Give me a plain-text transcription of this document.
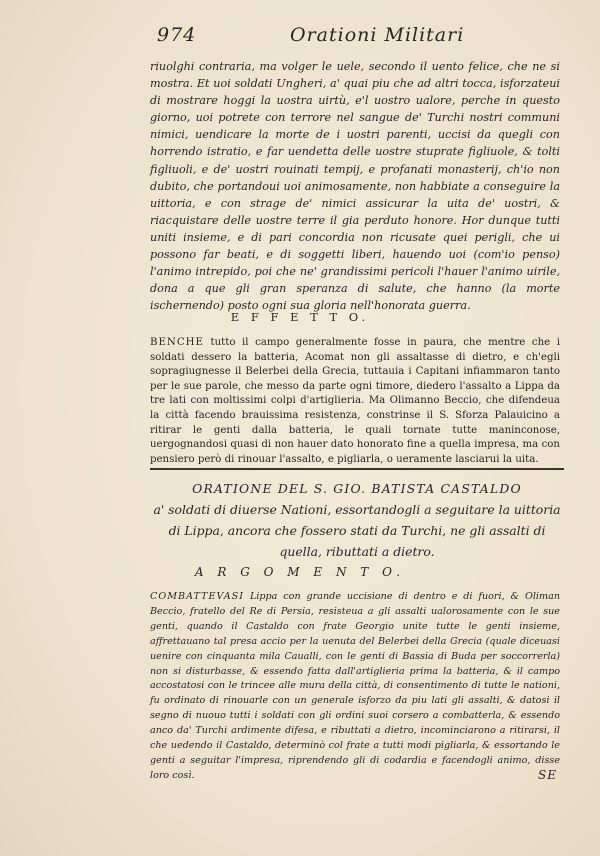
974	Orationi Militari

riuolghi contraria, ma volger le uele, secondo il uento felice, che ne si mostra. Et uoi soldati Ungheri, a' quai piu che ad altri tocca, isforzateui di mostrare hoggi la uostra uirtù, e'l uostro ualore, perche in questo giorno, uoi potrete con terrore nel sangue de' Turchi nostri communi nimici, uendicare la morte de i uostri parenti, uccisi da quegli con horrendo istratio, e far uendetta delle uostre stuprate figliuole, & tolti figliuoli, e de' uostri rouinati tempij, e profanati monasterij, ch'io non dubito, che portandoui uoi animosamente, non habbiate a conseguire la uittoria, e con strage de' nimici assicurar la uita de' uostri, & riacquistare delle uostre terre il gia perduto honore. Hor dunque tutti uniti insieme, e di pari concordia non ricusate quei perigli, che ui possono far beati, e di soggetti liberi, hauendo uoi (com'io penso) l'animo intrepido, poi che ne' grandissimi pericoli l'hauer l'animo uirile, dona a que gli gran speranza di salute, che hanno (la morte ischernendo) posto ogni sua gloria nell'honorata guerra.

E F F E T T O.

BENCHE tutto il campo generalmente fosse in paura, che mentre che i soldati dessero la batteria, Acomat non gli assaltasse di dietro, e ch'egli sopragiugnesse il Belerbei della Grecia, tuttauia i Capitani infiammaron tanto per le sue parole, che messo da parte ogni timore, diedero l'assalto a Lippa da tre lati con moltissimi colpi d'artiglieria. Ma Olimanno Beccio, che difendeua la città facendo brauissima resistenza, constrinse il S. Sforza Palauicino a ritirar le genti dalla batteria, le quali tornate tutte maninconose, uergognandosi quasi di non hauer dato honorato fine a quella impresa, ma con pensiero però di rinouar l'assalto, e pigliarla, o ueramente lasciarui la uita.

ORATIONE DEL S. GIO. BATISTA CASTALDO
a' soldati di diuerse Nationi, essortandogli a seguitare la uittoria di Lippa, ancora che fossero stati da Turchi, ne gli assalti di quella, ributtati a dietro.
A R G O M E N T O.

COMBATTEVASI Lippa con grande uccisione di dentro e di fuori, & Oliman Beccio, fratello del Re di Persia, resisteua a gli assalti ualorosamente con le sue genti, quando il Castaldo con frate Georgio unite tutte le genti insieme, affrettauano tal presa accio per la uenuta del Belerbei della Grecia (quale diceuasi uenire con cinquanta mila Caualli, con le genti di Bassia di Buda per soccorrerla) non si disturbasse, & essendo fatta dall'artiglieria prima la batteria, & il campo accostatosi con le trincee alle mura della città, di consentimento di tutte le nationi, fu ordinato di rinouarle con un generale isforzo da piu lati gli assalti, & datosi il segno di nuouo tutti i soldati con gli ordini suoi corsero a combatterla, & essendo anco da' Turchi ardimente difesa, e ributtati a dietro, incominciarono a ritirarsi, il che uedendo il Castaldo, determinò col frate a tutti modi pigliarla, & essortando le genti a seguitar l'impresa, riprendendo gli di codardia e facendogli animo, disse loro così.	SE
